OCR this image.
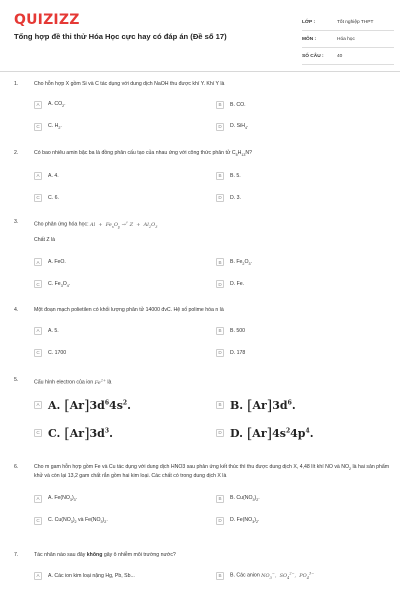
QUIZIZZ
Tổng hợp đề thi thử Hóa Học cực hay có đáp án (Đề số 17)
LỚP :	Tốt nghiệp THPT
MÔN :	Hóa học
SỐ CÂU :	40
1.	Cho hỗn hợp X gồm Si và C tác dụng với dung dịch NaOH thu được khí Y. Khí Y là
A	A. $CO_2$.	B	B. CO.
C	C. $H_2$.	D	D. SiH$_4$.
2.	Có bao nhiêu amin bậc ba là đồng phân cấu tạo của nhau ứng với công thức phân tử $C_5H_{13}N$?
A	A. 4.	B	B. 5.
C	C. 6.	D	D. 3.
3.	Cho phản ứng hóa học: $Al + Fe_xO_y \to^{t^\circ}$ $Z + Al_2O_3$
Chất Z là
A	A. FeO.	B	B. $Fe_2O_3$.
C	C. $Fe_3O_4$.	D	D. Fe.
4.	Một đoạn mạch polietilen có khối lượng phân tử 14000 đvC. Hệ số polime hóa n là
A	A. 5.	B	B. 500
C	C. 1700	D	D. 178
5.	Cấu hình electron của ion $Fe^{2+}$ là
A A. $[Ar]3d^64s^2$.	B B. $[Ar]3d^6$.
C C. $[Ar]3d^3$.	D D. $[Ar]4s^24p^4$.
6.	Cho m gam hỗn hợp gồm Fe và Cu tác dụng với dung dịch HNO3 sau phản ứng kết thúc thì thu được dung dịch X, 4,48 lít khí NO và $NO_2$ là hai sản phẩm khử và còn lại 13,2 gam chất rắn gồm hai kim loại. Các chất có trong dung dịch X là
A	A. $Fe(NO_3)_3$.	B	B. $Cu(NO_3)_2$.
C	C. $Cu(NO_3)_2$ và $Fe(NO_3)_2$.	D	D. $Fe(NO_3)_2$.
7.	Tác nhân nào sau đây không gây ô nhiễm môi trường nước?
A	A. Các ion kim loại nặng Hg, Pb, Sb...	B	B. Các anion $NO_3^-$,  $SO_4^{2-}$,  $PO_4^{3-}$
